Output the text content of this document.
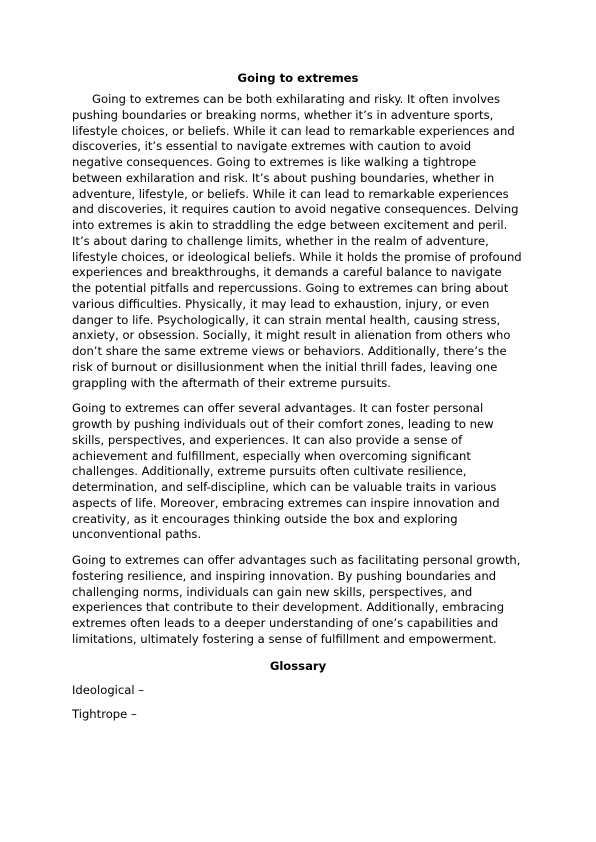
Going to extremes

Going to extremes can be both exhilarating and risky. It often involves pushing boundaries or breaking norms, whether it’s in adventure sports, lifestyle choices, or beliefs. While it can lead to remarkable experiences and discoveries, it’s essential to navigate extremes with caution to avoid negative consequences. Going to extremes is like walking a tightrope between exhilaration and risk. It’s about pushing boundaries, whether in adventure, lifestyle, or beliefs. While it can lead to remarkable experiences and discoveries, it requires caution to avoid negative consequences. Delving into extremes is akin to straddling the edge between excitement and peril. It’s about daring to challenge limits, whether in the realm of adventure, lifestyle choices, or ideological beliefs. While it holds the promise of profound experiences and breakthroughs, it demands a careful balance to navigate the potential pitfalls and repercussions. Going to extremes can bring about various difficulties. Physically, it may lead to exhaustion, injury, or even danger to life. Psychologically, it can strain mental health, causing stress, anxiety, or obsession. Socially, it might result in alienation from others who don’t share the same extreme views or behaviors. Additionally, there’s the risk of burnout or disillusionment when the initial thrill fades, leaving one grappling with the aftermath of their extreme pursuits.

Going to extremes can offer several advantages. It can foster personal growth by pushing individuals out of their comfort zones, leading to new skills, perspectives, and experiences. It can also provide a sense of achievement and fulfillment, especially when overcoming significant challenges. Additionally, extreme pursuits often cultivate resilience, determination, and self-discipline, which can be valuable traits in various aspects of life. Moreover, embracing extremes can inspire innovation and creativity, as it encourages thinking outside the box and exploring unconventional paths.

Going to extremes can offer advantages such as facilitating personal growth, fostering resilience, and inspiring innovation. By pushing boundaries and challenging norms, individuals can gain new skills, perspectives, and experiences that contribute to their development. Additionally, embracing extremes often leads to a deeper understanding of one’s capabilities and limitations, ultimately fostering a sense of fulfillment and empowerment.

Glossary
Ideological –
Tightrope –
